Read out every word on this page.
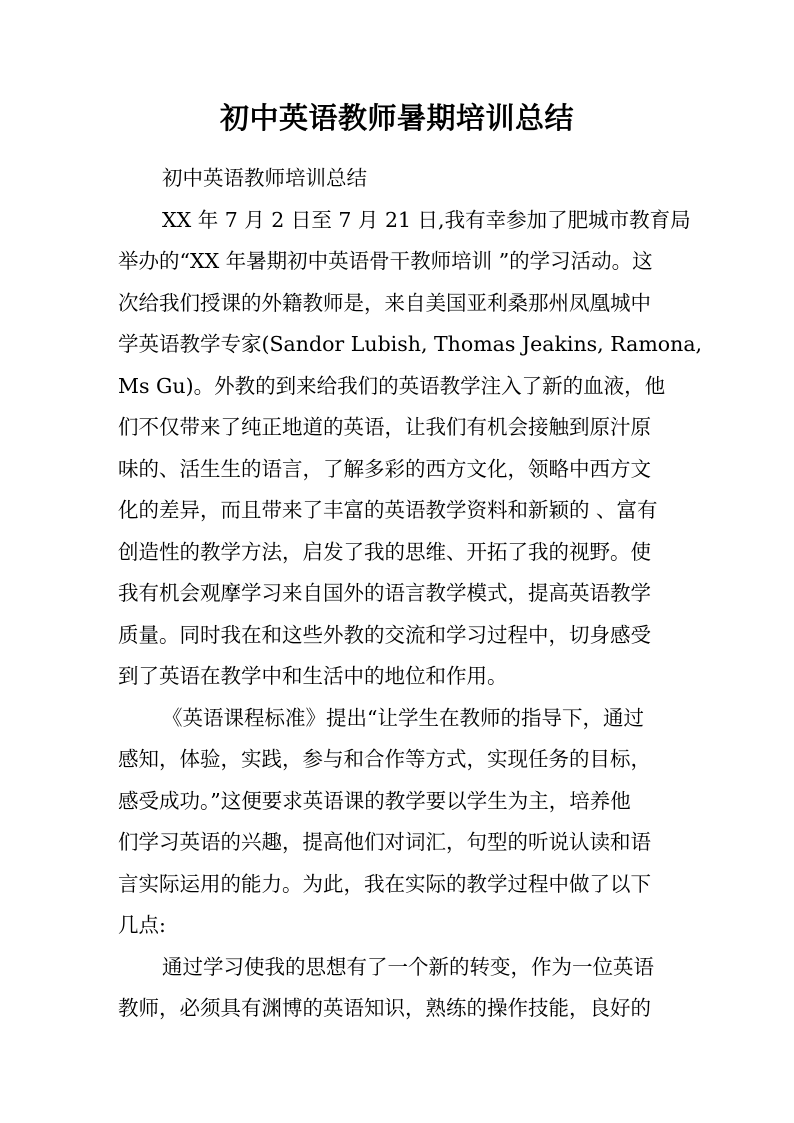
初中英语教师暑期培训总结
初中英语教师培训总结
XX 年 7 月 2 日至 7 月 21 日,我有幸参加了肥城市教育局
举办的“XX 年暑期初中英语骨干教师培训 ”的学习活动。这
次给我们授课的外籍教师是，来自美国亚利桑那州凤凰城中
学英语教学专家(Sandor Lubish, Thomas Jeakins, Ramona,
Ms Gu)。外教的到来给我们的英语教学注入了新的血液，他
们不仅带来了纯正地道的英语，让我们有机会接触到原汁原
味的、活生生的语言，了解多彩的西方文化，领略中西方文
化的差异，而且带来了丰富的英语教学资料和新颖的 、富有
创造性的教学方法，启发了我的思维、开拓了我的视野。使
我有机会观摩学习来自国外的语言教学模式，提高英语教学
质量。同时我在和这些外教的交流和学习过程中，切身感受
到了英语在教学中和生活中的地位和作用。
《英语课程标准》提出“让学生在教师的指导下，通过
感知，体验，实践，参与和合作等方式，实现任务的目标，
感受成功。”这便要求英语课的教学要以学生为主，培养他
们学习英语的兴趣，提高他们对词汇，句型的听说认读和语
言实际运用的能力。为此，我在实际的教学过程中做了以下
几点:
通过学习使我的思想有了一个新的转变，作为一位英语
教师，必须具有渊博的英语知识，熟练的操作技能，良好的
